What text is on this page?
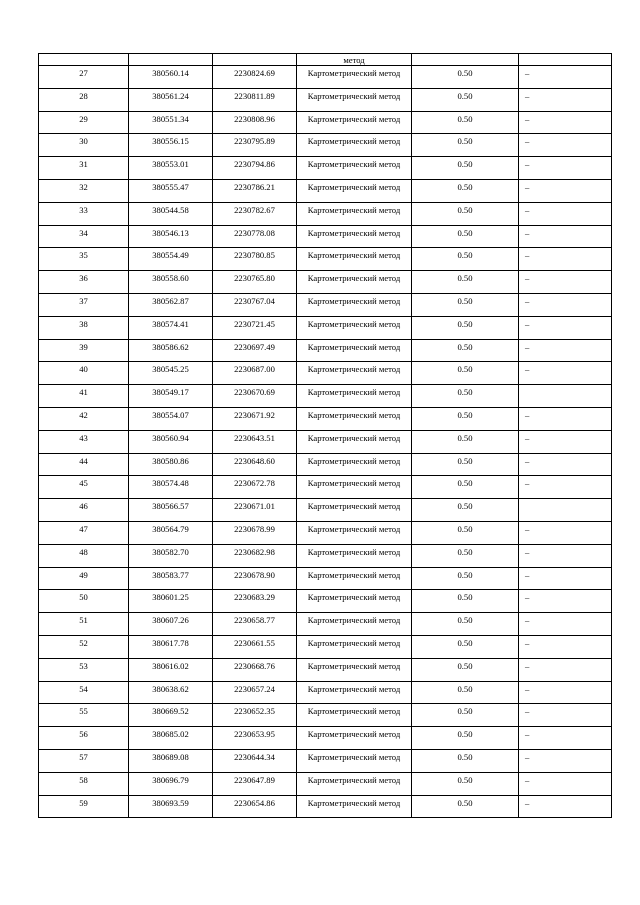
			метод		

27	380560.14	2230824.69	Картометрический метод	0.50	–

28	380561.24	2230811.89	Картометрический метод	0.50	–

29	380551.34	2230808.96	Картометрический метод	0.50	–

30	380556.15	2230795.89	Картометрический метод	0.50	–

31	380553.01	2230794.86	Картометрический метод	0.50	–

32	380555.47	2230786.21	Картометрический метод	0.50	–

33	380544.58	2230782.67	Картометрический метод	0.50	–

34	380546.13	2230778.08	Картометрический метод	0.50	–

35	380554.49	2230780.85	Картометрический метод	0.50	–

36	380558.60	2230765.80	Картометрический метод	0.50	–

37	380562.87	2230767.04	Картометрический метод	0.50	–

38	380574.41	2230721.45	Картометрический метод	0.50	–

39	380586.62	2230697.49	Картометрический метод	0.50	–

40	380545.25	2230687.00	Картометрический метод	0.50	–

41	380549.17	2230670.69	Картометрический метод	0.50	

42	380554.07	2230671.92	Картометрический метод	0.50	–

43	380560.94	2230643.51	Картометрический метод	0.50	–

44	380580.86	2230648.60	Картометрический метод	0.50	–

45	380574.48	2230672.78	Картометрический метод	0.50	–

46	380566.57	2230671.01	Картометрический метод	0.50	

47	380564.79	2230678.99	Картометрический метод	0.50	–

48	380582.70	2230682.98	Картометрический метод	0.50	–

49	380583.77	2230678.90	Картометрический метод	0.50	–

50	380601.25	2230683.29	Картометрический метод	0.50	–

51	380607.26	2230658.77	Картометрический метод	0.50	–

52	380617.78	2230661.55	Картометрический метод	0.50	–

53	380616.02	2230668.76	Картометрический метод	0.50	–

54	380638.62	2230657.24	Картометрический метод	0.50	–

55	380669.52	2230652.35	Картометрический метод	0.50	–

56	380685.02	2230653.95	Картометрический метод	0.50	–

57	380689.08	2230644.34	Картометрический метод	0.50	–

58	380696.79	2230647.89	Картометрический метод	0.50	–

59	380693.59	2230654.86	Картометрический метод	0.50	–
